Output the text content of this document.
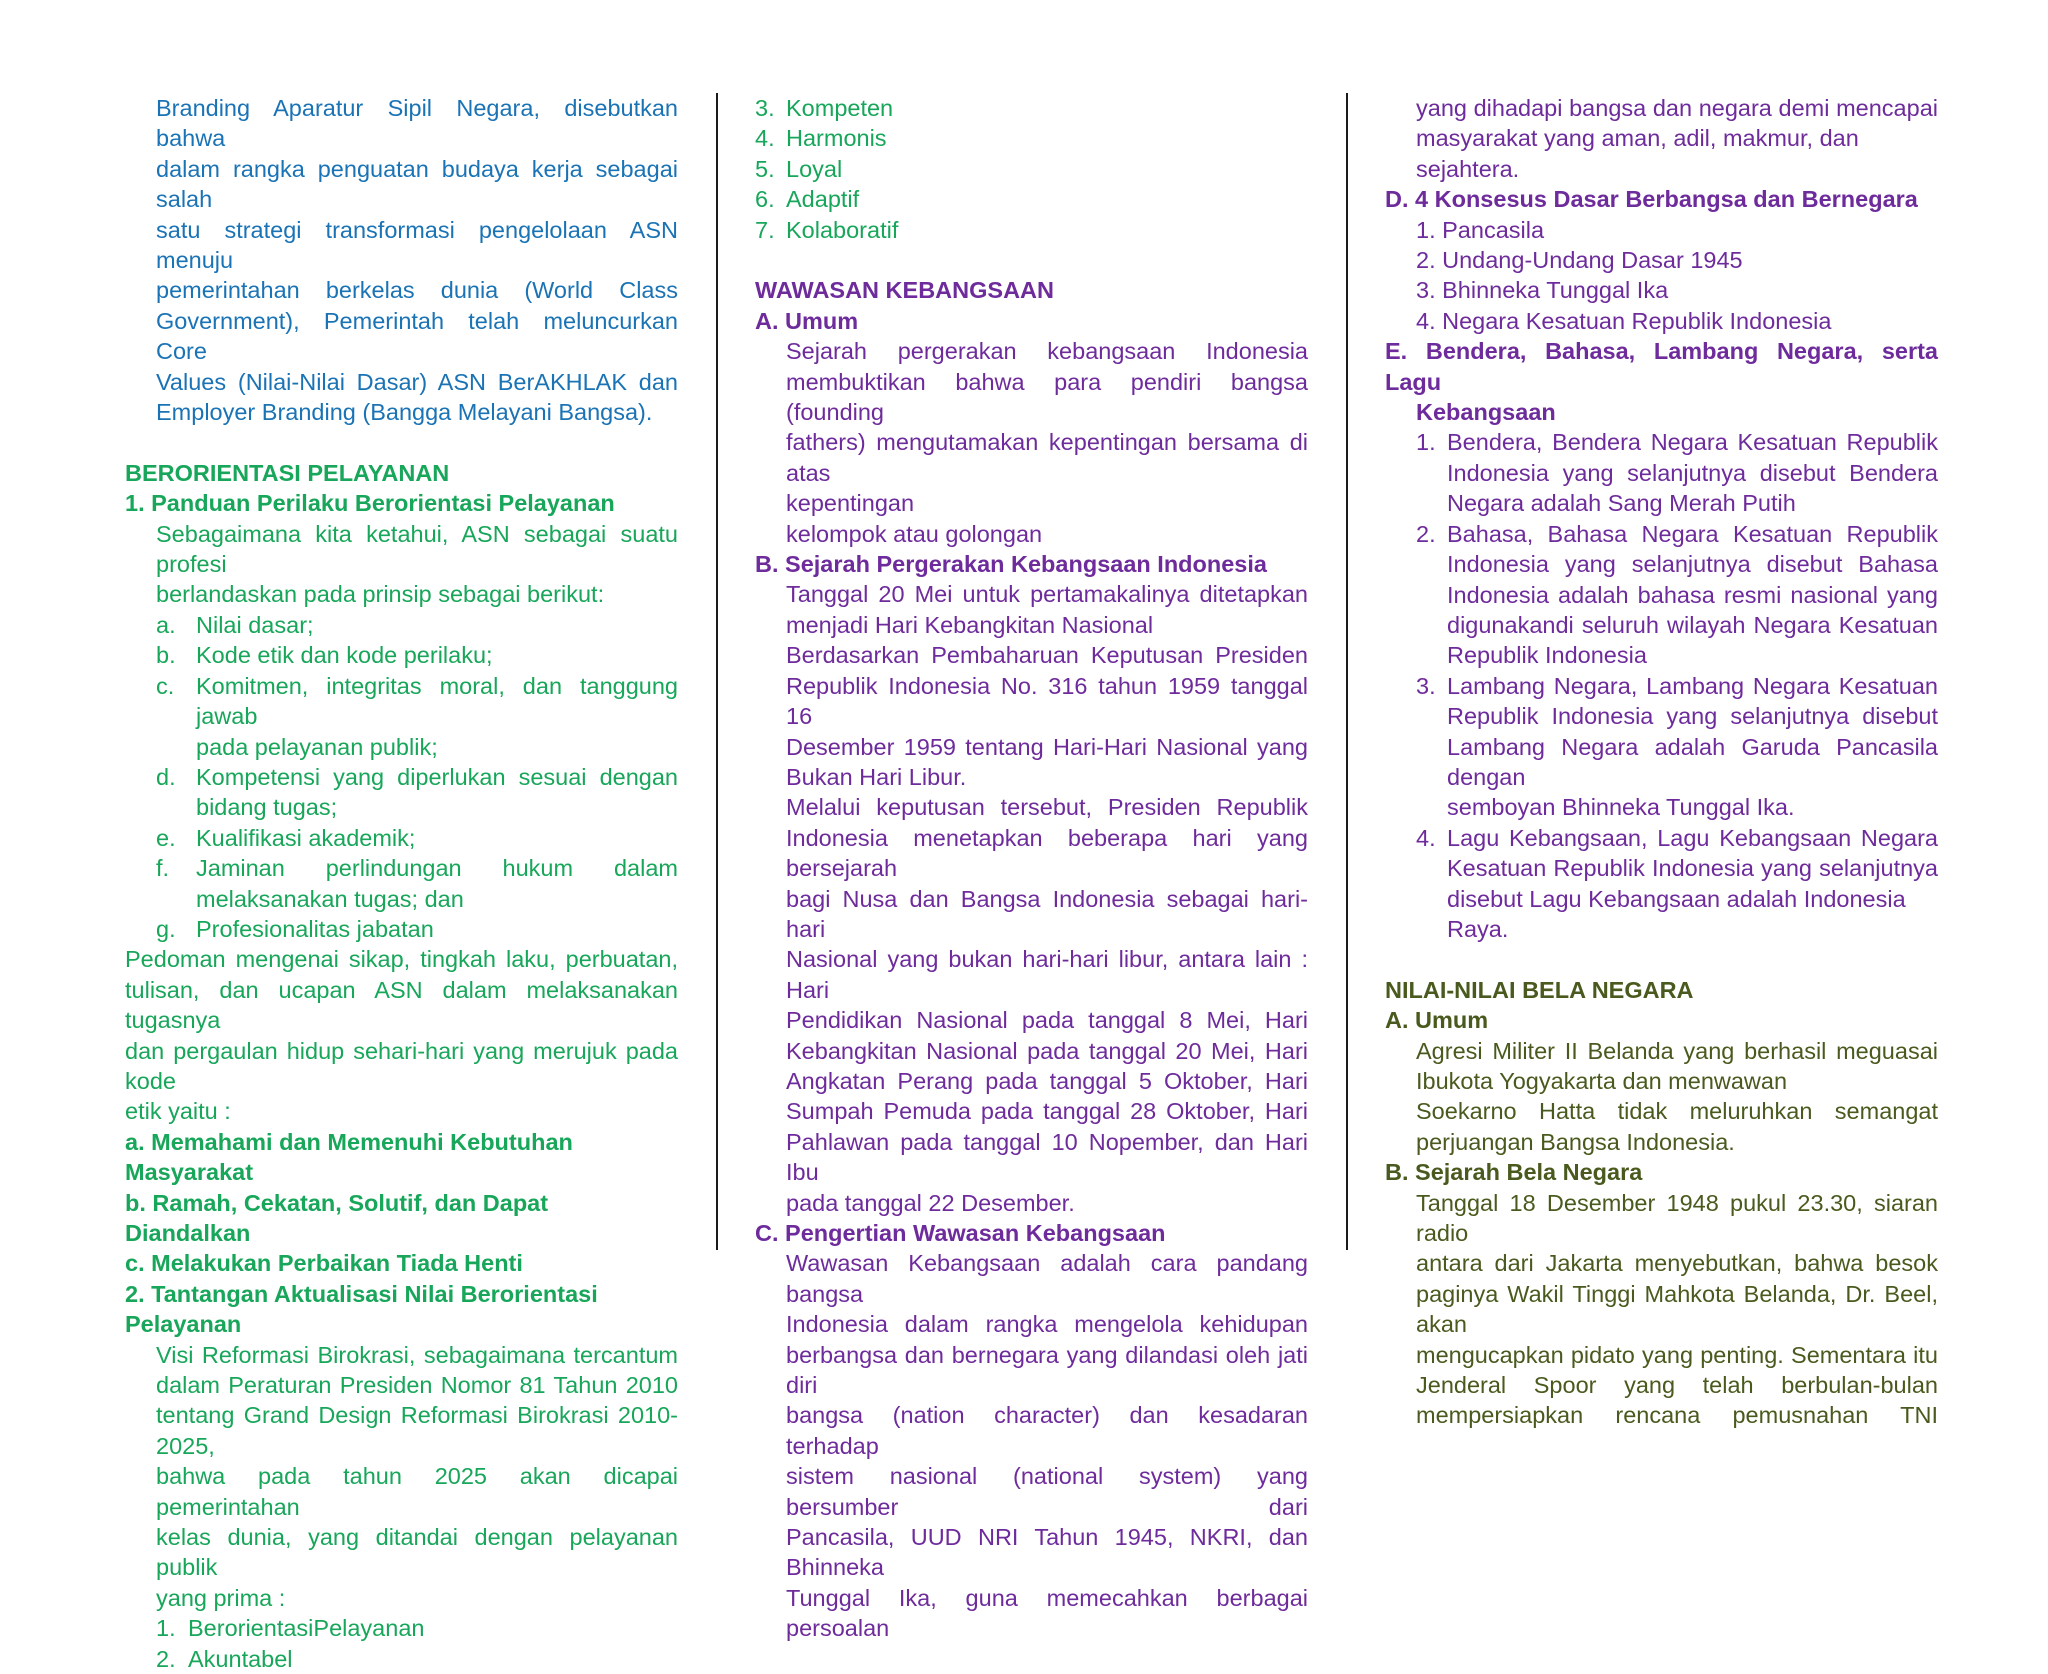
Branding Aparatur Sipil Negara, disebutkan bahwa
dalam rangka penguatan budaya kerja sebagai salah
satu strategi transformasi pengelolaan ASN menuju
pemerintahan berkelas dunia (World Class
Government), Pemerintah telah meluncurkan Core
Values (Nilai-Nilai Dasar) ASN BerAKHLAK dan
Employer Branding (Bangga Melayani Bangsa).
BERORIENTASI PELAYANAN
1. Panduan Perilaku Berorientasi Pelayanan
Sebagaimana kita ketahui, ASN sebagai suatu profesi
berlandaskan pada prinsip sebagai berikut:
a. Nilai dasar;
b. Kode etik dan kode perilaku;
c. Komitmen, integritas moral, dan tanggung jawab
pada pelayanan publik;
d. Kompetensi yang diperlukan sesuai dengan
bidang tugas;
e. Kualifikasi akademik;
f.	Jaminan perlindungan hukum dalam
melaksanakan tugas; dan
g. Profesionalitas jabatan
Pedoman mengenai sikap, tingkah laku, perbuatan,
tulisan, dan ucapan ASN dalam melaksanakan tugasnya
dan pergaulan hidup sehari-hari yang merujuk pada kode
etik yaitu :
a. Memahami dan Memenuhi Kebutuhan Masyarakat
b. Ramah, Cekatan, Solutif, dan Dapat Diandalkan
c. Melakukan Perbaikan Tiada Henti
2. Tantangan Aktualisasi Nilai Berorientasi Pelayanan
Visi Reformasi Birokrasi, sebagaimana tercantum
dalam Peraturan Presiden Nomor 81 Tahun 2010
tentang Grand Design Reformasi Birokrasi 2010-2025,
bahwa pada tahun 2025 akan dicapai pemerintahan
kelas dunia, yang ditandai dengan pelayanan publik
yang prima :
1. BerorientasiPelayanan
2. Akuntabel
3. Kompeten
4. Harmonis
5. Loyal
6. Adaptif
7. Kolaboratif
WAWASAN KEBANGSAAN
A. Umum
Sejarah pergerakan kebangsaan Indonesia
membuktikan bahwa para pendiri bangsa (founding
fathers) mengutamakan kepentingan bersama di atas
kepentingan
kelompok atau golongan
B. Sejarah Pergerakan Kebangsaan Indonesia
Tanggal 20 Mei untuk pertamakalinya ditetapkan
menjadi Hari Kebangkitan Nasional
Berdasarkan Pembaharuan Keputusan Presiden
Republik Indonesia No. 316 tahun 1959 tanggal 16
Desember 1959 tentang Hari-Hari Nasional yang
Bukan Hari Libur.
Melalui keputusan tersebut, Presiden Republik
Indonesia menetapkan beberapa hari yang bersejarah
bagi Nusa dan Bangsa Indonesia sebagai hari-hari
Nasional yang bukan hari-hari libur, antara lain : Hari
Pendidikan Nasional pada tanggal 8 Mei, Hari
Kebangkitan Nasional pada tanggal 20 Mei, Hari
Angkatan Perang pada tanggal 5 Oktober, Hari
Sumpah Pemuda pada tanggal 28 Oktober, Hari
Pahlawan pada tanggal 10 Nopember, dan Hari Ibu
pada tanggal 22 Desember.
C. Pengertian Wawasan Kebangsaan
Wawasan Kebangsaan adalah cara pandang bangsa
Indonesia dalam rangka mengelola kehidupan
berbangsa dan bernegara yang dilandasi oleh jati diri
bangsa (nation character) dan kesadaran terhadap
sistem nasional (national system) yang bersumber dari
Pancasila, UUD NRI Tahun 1945, NKRI, dan Bhinneka
Tunggal Ika, guna memecahkan berbagai persoalan
yang dihadapi bangsa dan negara demi mencapai
masyarakat yang aman, adil, makmur, dan sejahtera.
D. 4 Konsesus Dasar Berbangsa dan Bernegara
1. Pancasila
2. Undang-Undang Dasar 1945
3. Bhinneka Tunggal Ika
4. Negara Kesatuan Republik Indonesia
E. Bendera, Bahasa, Lambang Negara, serta Lagu
Kebangsaan
1. Bendera, Bendera Negara Kesatuan Republik
Indonesia yang selanjutnya disebut Bendera
Negara adalah Sang Merah Putih
2. Bahasa, Bahasa Negara Kesatuan Republik
Indonesia yang selanjutnya disebut Bahasa
Indonesia adalah bahasa resmi nasional yang
digunakandi seluruh wilayah Negara Kesatuan
Republik Indonesia
3. Lambang Negara, Lambang Negara Kesatuan
Republik Indonesia yang selanjutnya disebut
Lambang Negara adalah Garuda Pancasila dengan
semboyan Bhinneka Tunggal Ika.
4. Lagu Kebangsaan, Lagu Kebangsaan Negara
Kesatuan Republik Indonesia yang selanjutnya
disebut Lagu Kebangsaan adalah Indonesia Raya.
NILAI-NILAI BELA NEGARA
A. Umum
Agresi Militer II Belanda yang berhasil meguasai
Ibukota Yogyakarta dan menwawan
Soekarno Hatta tidak meluruhkan semangat
perjuangan Bangsa Indonesia.
B. Sejarah Bela Negara
Tanggal 18 Desember 1948 pukul 23.30, siaran radio
antara dari Jakarta menyebutkan, bahwa besok
paginya Wakil Tinggi Mahkota Belanda, Dr. Beel, akan
mengucapkan pidato yang penting. Sementara itu
Jenderal Spoor yang telah berbulan-bulan
mempersiapkan rencana pemusnahan TNI
